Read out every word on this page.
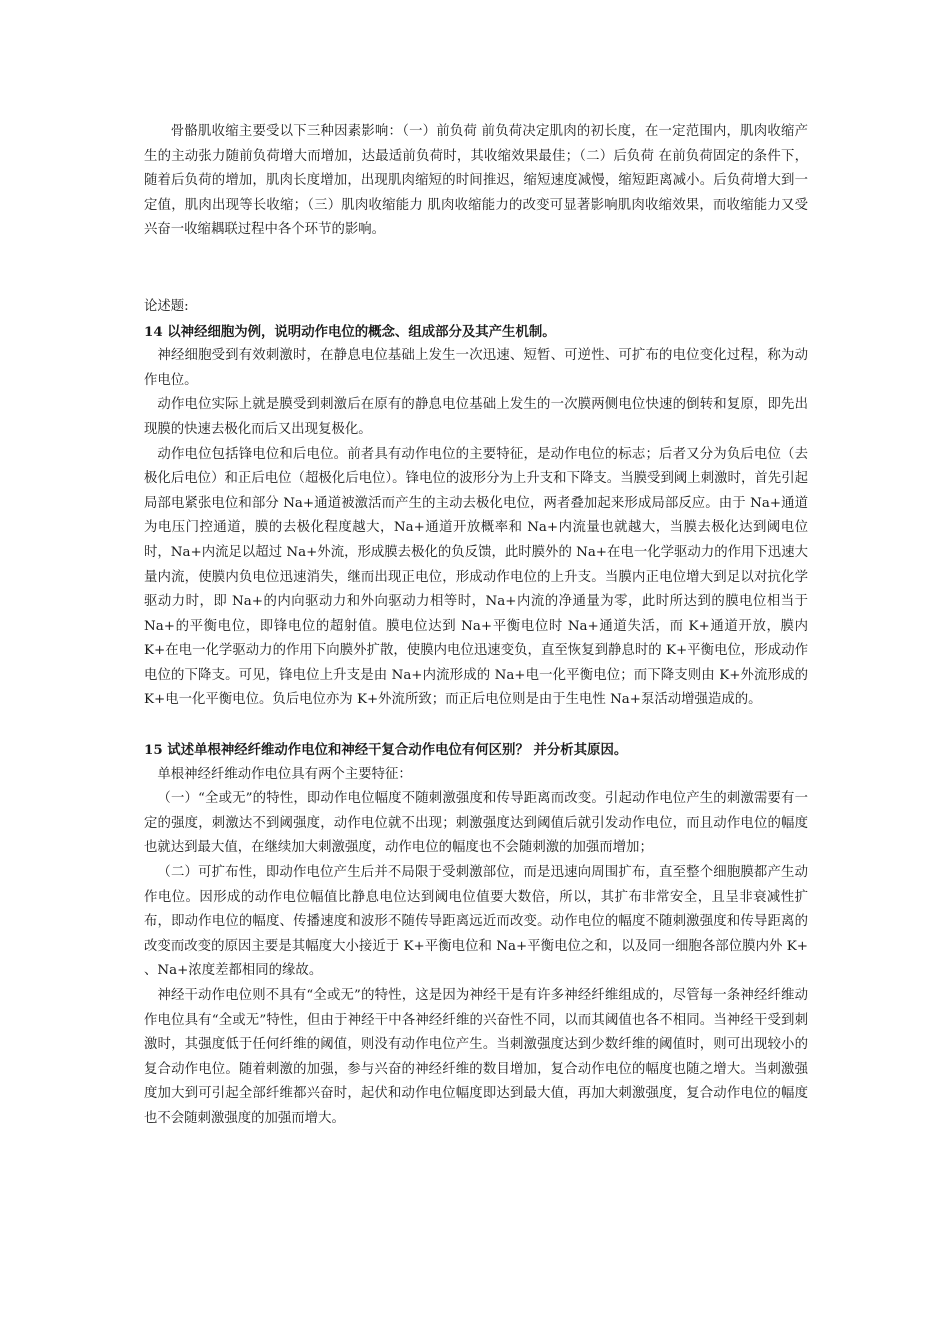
骨骼肌收缩主要受以下三种因素影响：（一）前负荷 前负荷决定肌肉的初长度，在一定范围内，肌肉收缩产生的主动张力随前负荷增大而增加，达最适前负荷时，其收缩效果最佳；（二）后负荷 在前负荷固定的条件下，随着后负荷的增加，肌肉长度增加，出现肌肉缩短的时间推迟，缩短速度减慢，缩短距离减小。后负荷增大到一定值，肌肉出现等长收缩；（三）肌肉收缩能力 肌肉收缩能力的改变可显著影响肌肉收缩效果，而收缩能力又受兴奋一收缩耦联过程中各个环节的影响。

论述题:

14 以神经细胞为例，说明动作电位的概念、组成部分及其产生机制。

神经细胞受到有效刺激时，在静息电位基础上发生一次迅速、短暂、可逆性、可扩布的电位变化过程，称为动作电位。

动作电位实际上就是膜受到刺激后在原有的静息电位基础上发生的一次膜两侧电位快速的倒转和复原，即先出现膜的快速去极化而后又出现复极化。

动作电位包括锋电位和后电位。前者具有动作电位的主要特征，是动作电位的标志；后者又分为负后电位（去极化后电位）和正后电位（超极化后电位）。锋电位的波形分为上升支和下降支。当膜受到阈上刺激时，首先引起局部电紧张电位和部分 Na+通道被激活而产生的主动去极化电位，两者叠加起来形成局部反应。由于 Na+通道为电压门控通道，膜的去极化程度越大，Na+通道开放概率和 Na+内流量也就越大，当膜去极化达到阈电位时，Na+内流足以超过 Na+外流，形成膜去极化的负反馈，此时膜外的 Na+在电一化学驱动力的作用下迅速大量内流，使膜内负电位迅速消失，继而出现正电位，形成动作电位的上升支。当膜内正电位增大到足以对抗化学驱动力时，即 Na+的内向驱动力和外向驱动力相等时，Na+内流的净通量为零，此时所达到的膜电位相当于 Na+的平衡电位，即锋电位的超射值。膜电位达到 Na+平衡电位时 Na+通道失活，而 K+通道开放，膜内 K+在电一化学驱动力的作用下向膜外扩散，使膜内电位迅速变负，直至恢复到静息时的 K+平衡电位，形成动作电位的下降支。可见，锋电位上升支是由 Na+内流形成的 Na+电一化平衡电位；而下降支则由 K+外流形成的 K+电一化平衡电位。负后电位亦为 K+外流所致；而正后电位则是由于生电性 Na+泵活动增强造成的。

15 试述单根神经纤维动作电位和神经干复合动作电位有何区别？ 并分析其原因。

单根神经纤维动作电位具有两个主要特征：

（一）“全或无”的特性，即动作电位幅度不随刺激强度和传导距离而改变。引起动作电位产生的刺激需要有一定的强度，刺激达不到阈强度，动作电位就不出现；刺激强度达到阈值后就引发动作电位，而且动作电位的幅度也就达到最大值，在继续加大刺激强度，动作电位的幅度也不会随刺激的加强而增加；

（二）可扩布性，即动作电位产生后并不局限于受刺激部位，而是迅速向周围扩布，直至整个细胞膜都产生动作电位。因形成的动作电位幅值比静息电位达到阈电位值要大数倍，所以，其扩布非常安全，且呈非衰减性扩布，即动作电位的幅度、传播速度和波形不随传导距离远近而改变。动作电位的幅度不随刺激强度和传导距离的改变而改变的原因主要是其幅度大小接近于 K+平衡电位和 Na+平衡电位之和，以及同一细胞各部位膜内外 K+ 、Na+浓度差都相同的缘故。

神经干动作电位则不具有“全或无”的特性，这是因为神经干是有许多神经纤维组成的，尽管每一条神经纤维动作电位具有“全或无”特性，但由于神经干中各神经纤维的兴奋性不同，以而其阈值也各不相同。当神经干受到刺激时，其强度低于任何纤维的阈值，则没有动作电位产生。当刺激强度达到少数纤维的阈值时，则可出现较小的复合动作电位。随着刺激的加强，参与兴奋的神经纤维的数目增加，复合动作电位的幅度也随之增大。当刺激强度加大到可引起全部纤维都兴奋时，起伏和动作电位幅度即达到最大值，再加大刺激强度，复合动作电位的幅度也不会随刺激强度的加强而增大。
